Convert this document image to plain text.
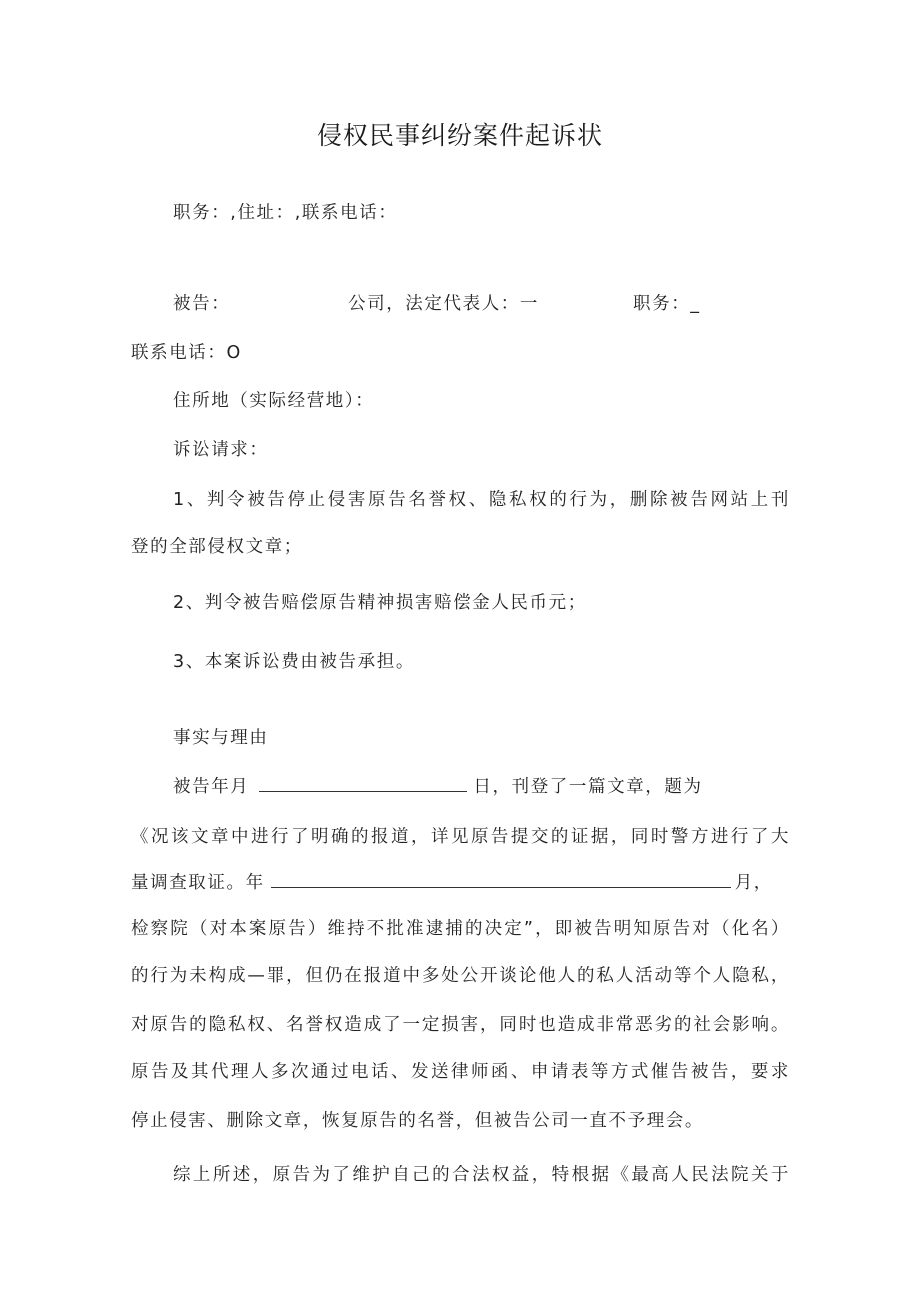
侵权民事纠纷案件起诉状
职务：,住址：,联系电话：
被告：	公司，法定代表人：一	职务：_
联系电话：O
住所地（实际经营地）：
诉讼请求：
1、判令被告停止侵害原告名誉权、隐私权的行为，删除被告网站上刊
登的全部侵权文章；
2、判令被告赔偿原告精神损害赔偿金人民币元；
3、本案诉讼费由被告承担。
事实与理由
被告年月	日，刊登了一篇文章，题为
《况该文章中进行了明确的报道，详见原告提交的证据，同时警方进行了大
量调查取证。年	月，
检察院（对本案原告）维持不批准逮捕的决定”，即被告明知原告对（化名）
的行为未构成—罪，但仍在报道中多处公开谈论他人的私人活动等个人隐私，
对原告的隐私权、名誉权造成了一定损害，同时也造成非常恶劣的社会影响。
原告及其代理人多次通过电话、发送律师函、申请表等方式催告被告，要求
停止侵害、删除文章，恢复原告的名誉，但被告公司一直不予理会。
综上所述，原告为了维护自己的合法权益，特根据《最高人民法院关于
